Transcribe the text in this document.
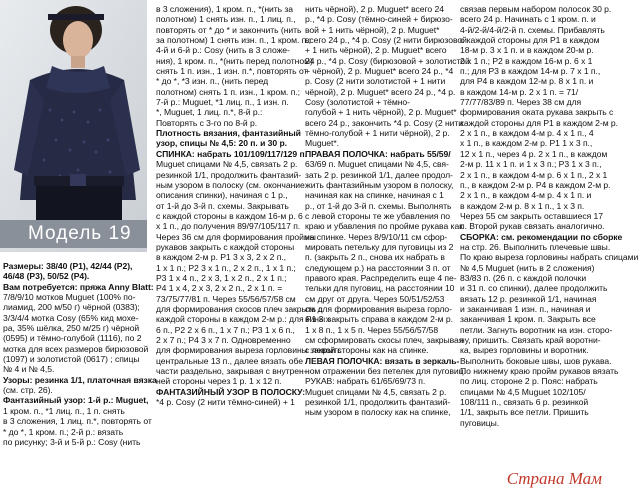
Модель 19
Размеры: 38/40 (Р1), 42/44 (Р2),
46/48 (Р3), 50/52 (Р4).
Вам потребуется: пряжа Anny Blatt:
7/8/9/10 мотков Muguet (100% по-
лиамид, 200 м/50 г) чёрной (0383);
3/3/4/4 мотка Cosy (65% кид мохе-
ра, 35% шёлка, 250 м/25 г) чёрной
(0595) и тёмно-голубой (1116), по 2
мотка для всех размеров бирюзовой
(1097) и золотистой (0617) ; спицы
№ 4 и № 4,5.
Узоры: резинка 1/1, платочная вязка
(см. стр. 26).
Фантазийный узор: 1-й р.: Muguet,
1 кром. п., *1 лиц. п., 1 п. снять
в 3 сложения, 1 лиц. п.*, повторять от
* до *, 1 кром. п.; 2-й р.: вязать
по рисунку; 3-й и 5-й р.: Cosy (нить
в 3 сложения), 1 кром. п., *(нить за
полотном) 1 снять изн. п., 1 лиц. п.,
повторять от * до * и закончить (нить
за полотном) 1 снять изн. п., 1 кром. п.;
4-й и 6-й р.: Cosy (нить в 3 сложе-
ния), 1 кром. п., *(нить перед полотном)
снять 1 п. изн., 1 изн. п.*, повторять от
* до *, *3 изн. п., (нить перед
полотном) снять 1 п. изн., 1 кром. п.;
7-й р.: Muguet, *1 лиц. п., 1 изн. п.
*, Muguet, 1 лиц. п.*, 8-й р.:
Повторять с 3-го по 8-й р.
Плотность вязания, фантазийный
узор, спицы № 4,5: 20 п. и 30 р.
СПИНКА: набрать 101/109/117/129 п.
Muguet спицами № 4,5, связать 2 р.
резинкой 1/1, продолжить фантазий-
ным узором в полоску (см. окончание
описания спинки), начиная с 1 р.,
от 1-й до 3-й п. схемы. Закрывать
с каждой стороны в каждом 16-м р. 6
х 1 п., до получения 89/97/105/117 п.
Через 36 см для формирования проймы
рукавов закрыть с каждой стороны
в каждом 2-м р. Р1 3 х 3, 2 х 2 п.,
1 х 1 п.; Р2 3 х 1 п., 2 х 2 п., 1 х 1 п.;
Р3 1 х 4 п., 2 х 3, 1 х 2 п., 2 х 1 п.;
Р4 1 х 4, 2 х 3, 2 х 2 п., 2 х 1 п. =
73/75/77/81 п. Через 55/56/57/58 см
для формирования скосов плеч закрыть с
каждой стороны в каждом 2-м р.: для Р1 3 х
6 п., Р2 2 х 6 п., 1 х 7 п.; Р3 1 х 6 п.,
2 х 7 п.; Р4 3 х 7 п. Одновременно
для формирования выреза горловины закрыть
центральные 13 п., далее вязать обе
части раздельно, закрывая с внутрен-
ней стороны через 1 р. 1 х 12 п.
ФАНТАЗИЙНЫЙ УЗОР В ПОЛОСКУ:
*4 р. Cosy (2 нити тёмно-синей) + 1
нить чёрной), 2 р. Muguet* всего 24
р., *4 р. Cosy (тёмно-синей + бирюзо-
вой + 1 нить чёрной), 2 р. Muguet*
всего 24 р., *4 р. Cosy (2 нити бирюзовой
+ 1 нить чёрной), 2 р. Muguet* всего
24 р., *4 р. Cosy (бирюзовой + золотистой
+ чёрной), 2 р. Muguet* всего 24 р., *4
р. Cosy (2 нити золотистой + 1 нити
чёрной), 2 р. Muguet* всего 24 р., *4 р.
Cosy (золотистой + тёмно-
голубой + 1 нить чёрной), 2 р. Muguet*
всего 24 р., закончить *4 р. Cosy (2 нити
тёмно-голубой + 1 нити чёрной), 2 р.
Muguet*.
ПРАВАЯ ПОЛОЧКА: набрать 55/59/
63/69 п. Muguet спицами № 4,5, свя-
зать 2 р. резинкой 1/1, далее продол-
жить фантазийным узором в полоску,
начиная как на спинке, начиная с 1
р., от 1-й до 3-й п. схемы. Выполнять
с левой стороны те же убавления по
краю и убавления по пройме рукава как
на спинке. Через 8/9/10/11 см сфор-
мировать петельку для пуговицы из 2
п. (закрыть 2 п., снова их набрать в
следующем р.) на расстоянии 3 п. от
правого края. Распределить еще 4 пе-
тельки для пуговиц, на расстоянии 10
см друг от друга. Через 50/51/52/53
см для формирования выреза горло-
вины закрыть справа в каждом 2-м р.
1 х 8 п., 1 х 5 п. Через 55/56/57/58
см сформировать скосы плеч, закрывая
с левой стороны как на спинке.
ЛЕВАЯ ПОЛОЧКА: вязать в зеркаль-
ном отражении без петелек для пуговиц.
РУКАВ: набрать 61/65/69/73 п.
Muguet спицами № 4,5, связать 2 р.
резинкой 1/1, продолжить фантазий-
ным узором в полоску как на спинке,
связав первым набором полосок 30 р.
всего 24 р. Начинать с 1 кром. п. и
4-й/2-й/4-й/2-й п. схемы. Прибавлять
с каждой стороны для Р1 в каждом
18-м р. 3 х 1 п. и в каждом 20-м р.
2 х 1 п.; Р2 в каждом 16-м р. 6 х 1
п.; для Р3 в каждом 14-м р. 7 х 1 п.,
для Р4 в каждом 12-м р. 8 х 1 п. и
в каждом 14-м р. 2 х 1 п. = 71/
77/77/83/89 п. Через 38 см для
формирования окатa рукава закрыть с
каждой стороны для Р1 в каждом 2-м р.
2 х 1 п., в каждом 4-м р. 4 х 1 п., 4
х 1 п., в каждом 2-м р. Р1 1 х 3 п.,
12 х 1 п., через 4 р. 2 х 1 п., в каждом
2-м р. 11 х 1 п. и 1 х 3 п.; Р3 1 х 3 п.,
2 х 1 п., в каждом 4-м р. 6 х 1 п., 2 х 1
п., в каждом 2-м р. Р4 в каждом 2-м р.
2 х 1 п., в каждом 4-м р. 4 х 1 п. и
в каждом 2-м р. 8 х 1 п., 1 х 3 п.
Через 55 см закрыть оставшиеся 17
п. Второй рукав связать аналогично.
СБОРКА: см. рекомендации по сборке
на стр. 26. Выполнить плечевые швы.
По краю выреза горловины набрать спицами
№ 4,5 Muguet (нить в 2 сложения)
83/83 п. (26 п. с каждой полочки
и 31 п. со спинки), далее продолжить
вязать 12 р. резинкой 1/1, начиная
и заканчивая 1 изн. п., начиная и
заканчивая 1 кром. п. Закрыть все
петли. Загнуть воротник на изн. сторо-
ну, пришить. Связать край воротни-
ка, вырез горловины и воротник.
Выполнить боковые швы, шов рукава.
По нижнему краю пройм рукавов вязать
по лиц. стороне 2 р. Пояс: набрать
спицами № 4,5 Muguet 102/105/
108/111 п., связать 6 р. резинкой
1/1, закрыть все петли. Пришить
пуговицы.
Страна Мам
